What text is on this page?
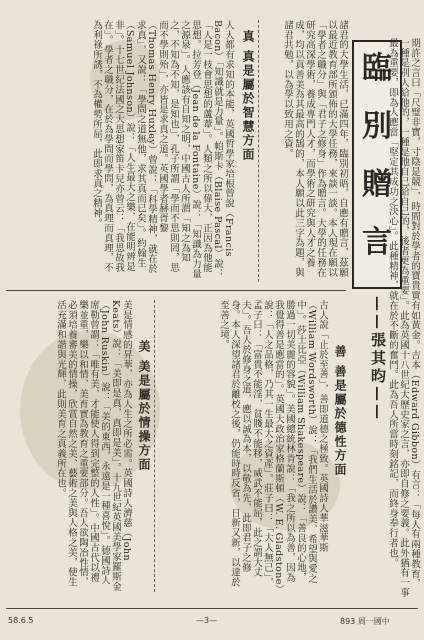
臨
別
贈
言
——張其昀——	期許之言曰「尺璧非寶，寸陰是競」，時間對於學者的寶貴實有如黃金。吉本（Edward Gibbon）有言：「每人有兩種教育，一種是別人給他的，一種是他自己給自己的，後者更為重要」。此為英國十八世紀大歷史家之言，亦即自修之要義。此外猶有一事最為重要，即為人應當「堅定其成功之決心」。此種精神，就在於不斷的奮鬥。此為吾人所當時刻銘記，而終身奉行者也。
諸君的大學生活，已滿四年，臨別初晤，自應有贈言，茲願以最近教育部所頒佈的大學任務，來談一談。本人現在願以「學者之職分」與「君子之修身」作為贈言。大學的任務在研究高深學術，養成專門人才，而學術之研究與人才之養成，均以真善美為其最高的鵠的，本人願以此三字為題，與諸君共勉，以為學以致用之資。
真 真是屬於智慧方面
人人都有求知的本能，英國哲學家培根曾說（Francis Bacon）「知識就是力量」。帕斯卡（Blaise Pascal）說：「人是一枝會思想的蘆葦」。人類之所以偉大，正因為他能思想。拉芳登（Jean de la Fontaine）說：「知識為力量之源泉」。人應該有自知之明，中國古人所謂「知之為知之，不知為不知，是知也」，孔子所謂「學而不思則罔，思而不學則殆」，亦皆是求真之道。英國學者赫胥黎（Thomas Henry Huxley）曾說：「科學精神，就在於求真」，又說：「學問之道無他，求其真而已矣」。約翰生（Samuel Johnson）說：「人生最大之樂，在能明辨是非」。十七世紀法國之大思想家笛卡兒亦曾云：「我思故我在」。學者之職分，在於為學問而學問，為真理而真理，不為利祿所誘，不為權勢所屈，此即求真之精神。
善 善是屬於德性方面
古人說「止於至善」，善即道德之極致。英國詩人華滋華斯（William Wordsworth）說：「我們生活於讚美、希望與愛之中」。莎士比亞（William Shakespeare）說：「善良的心地，勝過一切美麗的容貌」。美國總統林肯說：「我之所以為善，因為我覺得善是應當的」。英國大政治家格蘭斯頓（W. E. Gladstone）說：「人之品格，乃其一生最大之資產」。莊子曰：「大人無己」，孟子曰：「富貴不能淫，貧賤不能移，威武不能屈，此之謂大丈夫」。吾人於修身之道，應以誠為本，以敬為先，此即君子之修身。本人深望諸君於離校之後，仍能時時反省，日新又新，以達於至善之境。
美 美是屬於情操方面
美是情感的昇華，亦為人生之所必需。英國詩人濟慈（John Keats）說：「美即是真，真即是美」。十九世紀英國美學家羅斯金（John Ruskin）說：「美的東西，永遠是一種喜悅」。德國詩人席勒曾謂：「唯有美，才能使人得到完整的人性」。中國古代以禮樂並重，樂以和情，美育實為教育之重要部分。吾人欲陶冶性情，必須培養審美的情操，欣賞自然之美、藝術之美與人格之美，使生活充滿和諧與光輝，此則美育之真義所在也。
58.6.5	—3—	893 周一國中
